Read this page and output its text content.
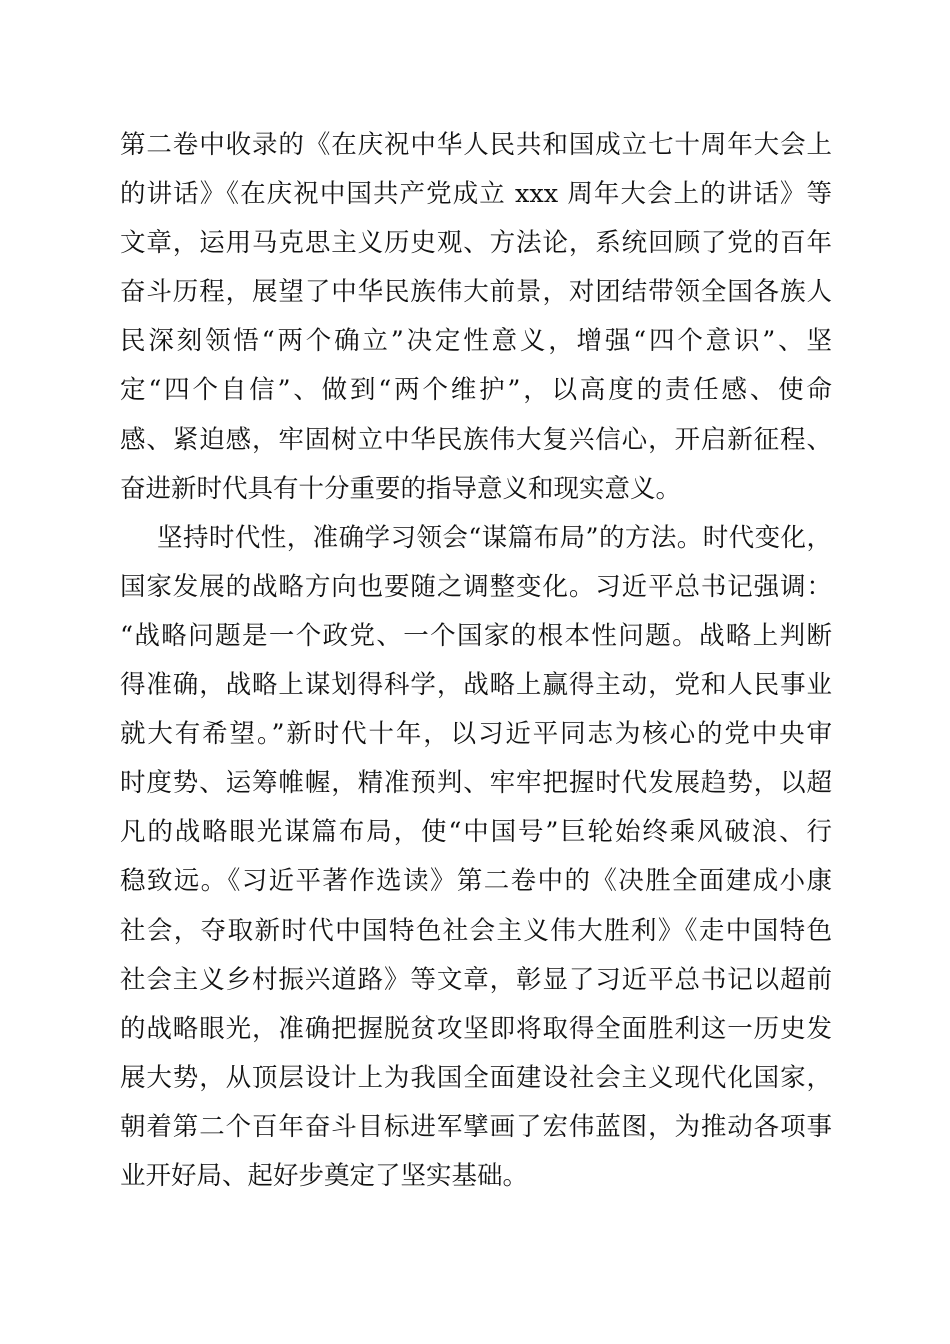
第二卷中收录的《在庆祝中华人民共和国成立七十周年大会上
的讲话》《在庆祝中国共产党成立 xxx 周年大会上的讲话》等
文章，运用马克思主义历史观、方法论，系统回顾了党的百年
奋斗历程，展望了中华民族伟大前景，对团结带领全国各族人
民深刻领悟“两个确立”决定性意义，增强“四个意识”、坚
定“四个自信”、做到“两个维护”，以高度的责任感、使命
感、紧迫感，牢固树立中华民族伟大复兴信心，开启新征程、
奋进新时代具有十分重要的指导意义和现实意义。
坚持时代性，准确学习领会“谋篇布局”的方法。时代变化，
国家发展的战略方向也要随之调整变化。习近平总书记强调：
“战略问题是一个政党、一个国家的根本性问题。战略上判断
得准确，战略上谋划得科学，战略上赢得主动，党和人民事业
就大有希望。”新时代十年，以习近平同志为核心的党中央审
时度势、运筹帷幄，精准预判、牢牢把握时代发展趋势，以超
凡的战略眼光谋篇布局，使“中国号”巨轮始终乘风破浪、行
稳致远。《习近平著作选读》第二卷中的《决胜全面建成小康
社会，夺取新时代中国特色社会主义伟大胜利》《走中国特色
社会主义乡村振兴道路》等文章，彰显了习近平总书记以超前
的战略眼光，准确把握脱贫攻坚即将取得全面胜利这一历史发
展大势，从顶层设计上为我国全面建设社会主义现代化国家，
朝着第二个百年奋斗目标进军擘画了宏伟蓝图，为推动各项事
业开好局、起好步奠定了坚实基础。
